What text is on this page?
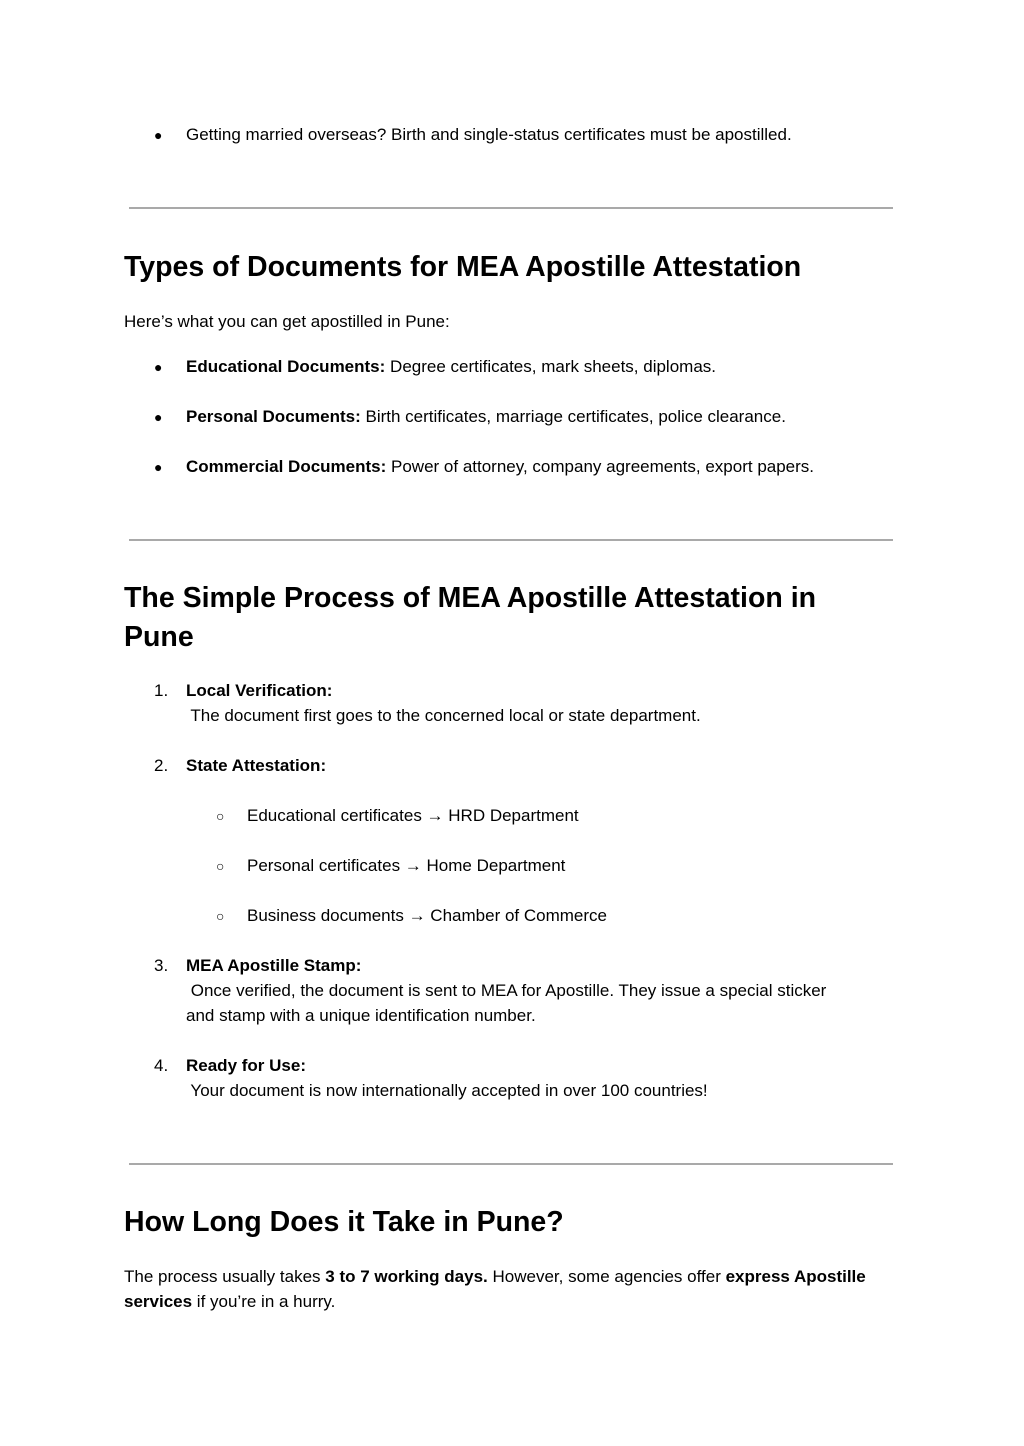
● Getting married overseas? Birth and single-status certificates must be apostilled.
Types of Documents for MEA Apostille Attestation
Here’s what you can get apostilled in Pune:
● Educational Documents: Degree certificates, mark sheets, diplomas.
● Personal Documents: Birth certificates, marriage certificates, police clearance.
● Commercial Documents: Power of attorney, company agreements, export papers.
The Simple Process of MEA Apostille Attestation in Pune
1. Local Verification:
The document first goes to the concerned local or state department.
2. State Attestation:
○ Educational certificates → HRD Department
○ Personal certificates → Home Department
○ Business documents → Chamber of Commerce
3. MEA Apostille Stamp:
Once verified, the document is sent to MEA for Apostille. They issue a special sticker and stamp with a unique identification number.
4. Ready for Use:
Your document is now internationally accepted in over 100 countries!
How Long Does it Take in Pune?
The process usually takes 3 to 7 working days. However, some agencies offer express Apostille services if you’re in a hurry.
